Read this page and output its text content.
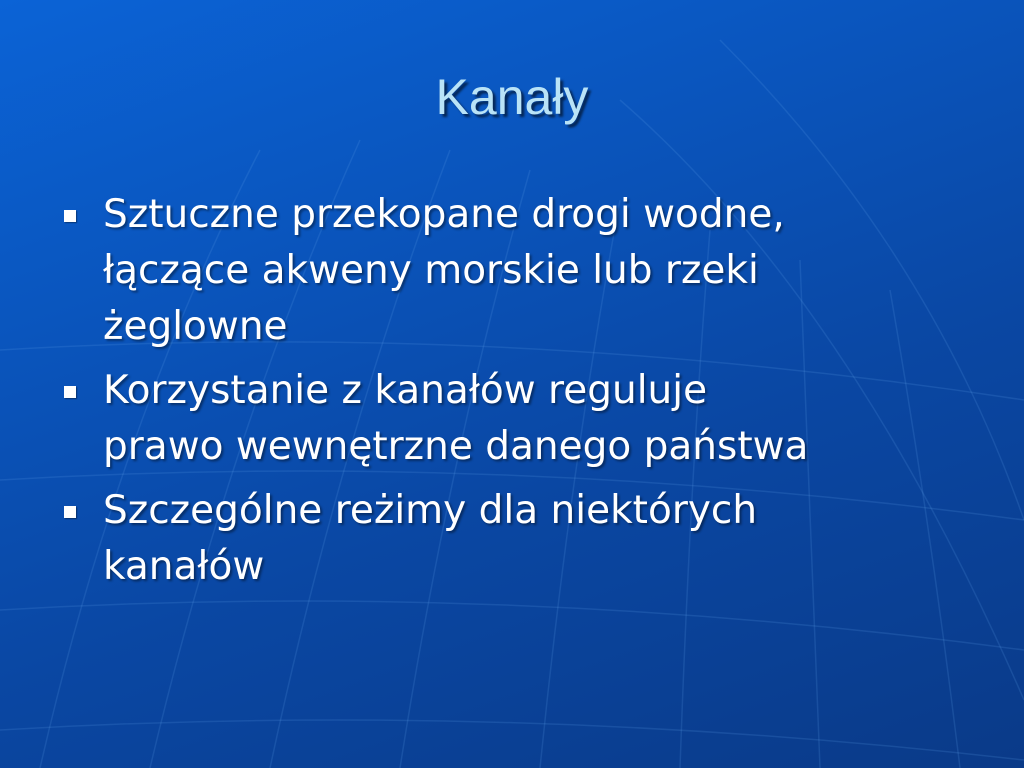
Kanały
Sztuczne przekopane drogi wodne,
łączące akweny morskie lub rzeki
żeglowne
Korzystanie z kanałów reguluje
prawo wewnętrzne danego państwa
Szczególne reżimy dla niektórych
kanałów
